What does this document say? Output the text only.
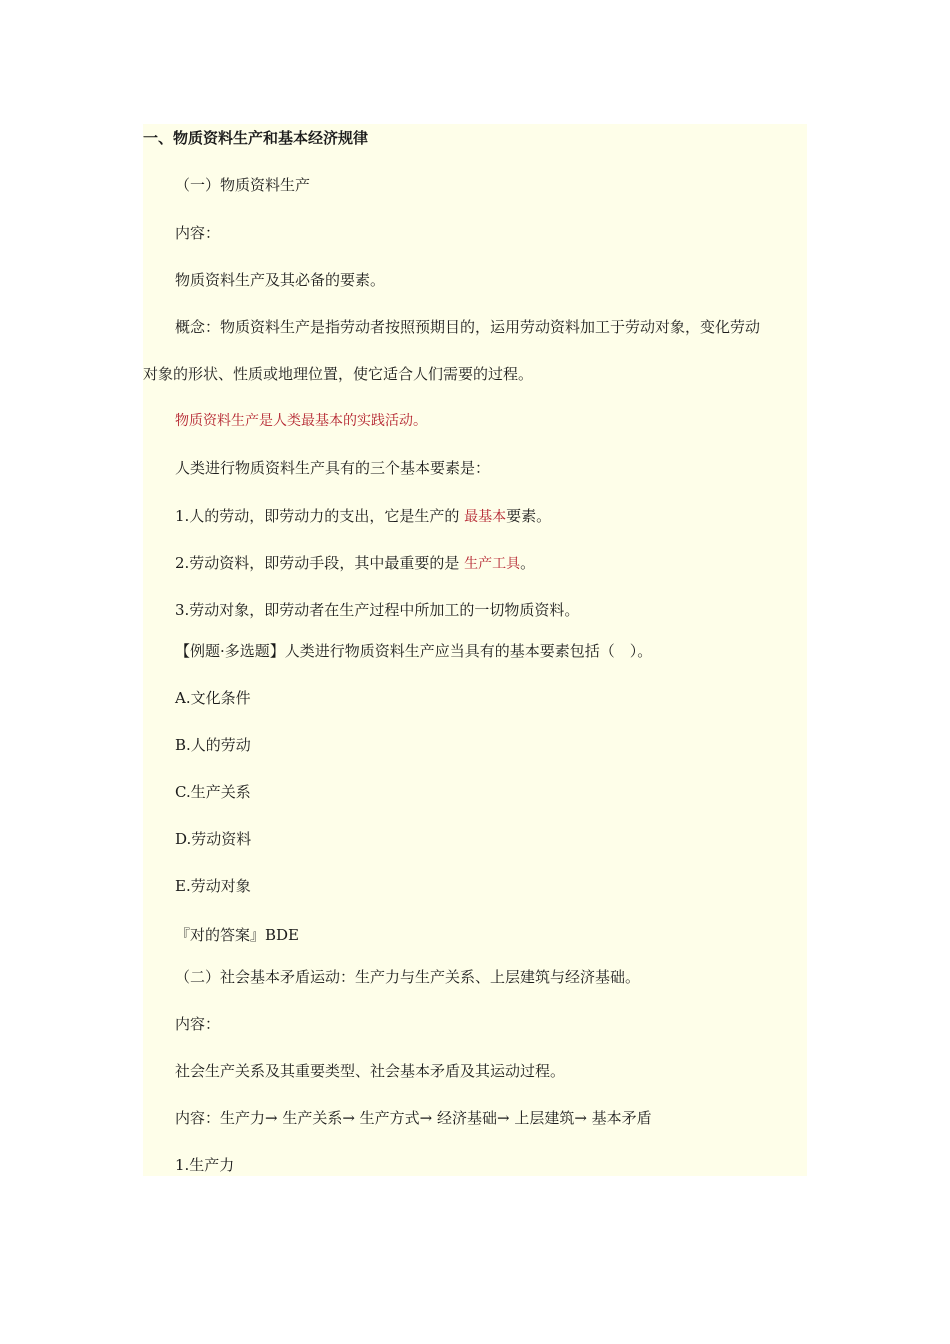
一、物质资料生产和基本经济规律
（一）物质资料生产
内容：
物质资料生产及其必备的要素。
概念：物质资料生产是指劳动者按照预期目的，运用劳动资料加工于劳动对象，变化劳动
对象的形状、性质或地理位置，使它适合人们需要的过程。
物质资料生产是人类最基本的实践活动。
人类进行物质资料生产具有的三个基本要素是：
1.人的劳动，即劳动力的支出，它是生产的 最基本要素。
2.劳动资料，即劳动手段，其中最重要的是 生产工具。
3.劳动对象，即劳动者在生产过程中所加工的一切物质资料。
【例题·多选题】人类进行物质资料生产应当具有的基本要素包括（　）。
A.文化条件
B.人的劳动
C.生产关系
D.劳动资料
E.劳动对象
『对的答案』BDE
（二）社会基本矛盾运动：生产力与生产关系、上层建筑与经济基础。
内容：
社会生产关系及其重要类型、社会基本矛盾及其运动过程。
内容：生产力→ 生产关系→ 生产方式→ 经济基础→ 上层建筑→ 基本矛盾
1.生产力
